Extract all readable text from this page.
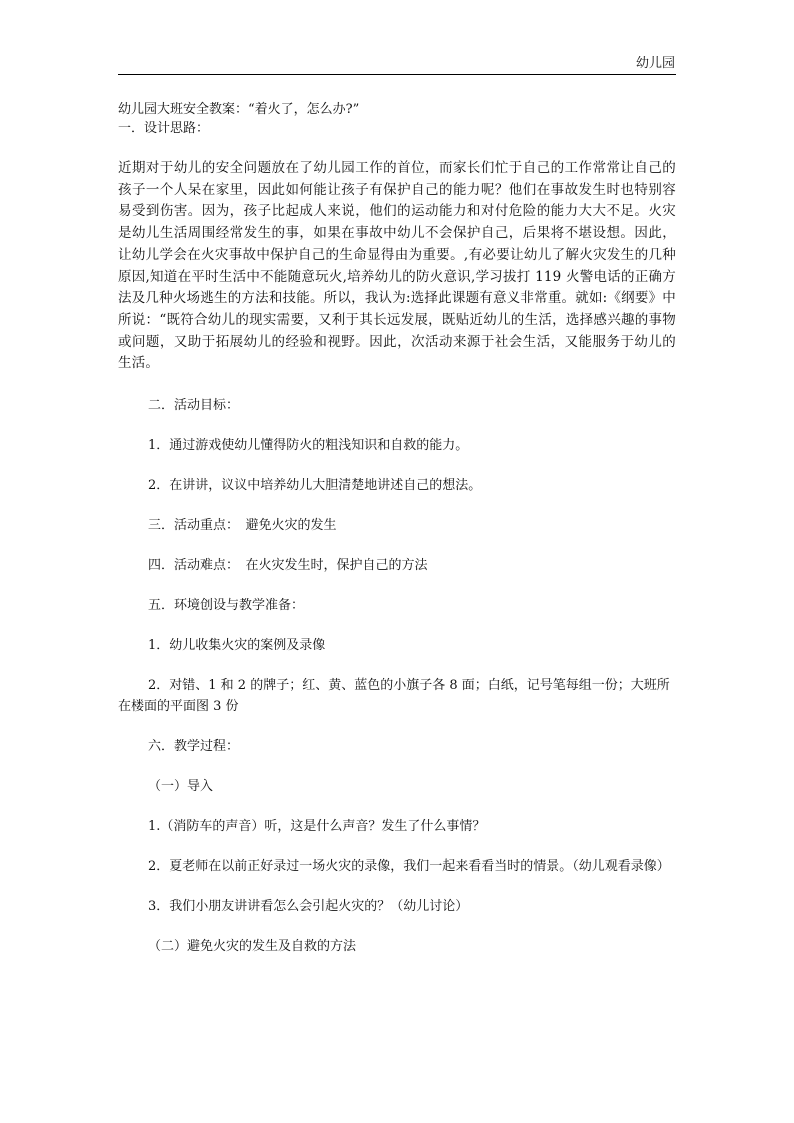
幼儿园
幼儿园大班安全教案：“着火了，怎么办?”
一．设计思路：
近期对于幼儿的安全问题放在了幼儿园工作的首位，而家长们忙于自己的工作常常让自己的孩子一个人呆在家里，因此如何能让孩子有保护自己的能力呢？他们在事故发生时也特别容易受到伤害。因为，孩子比起成人来说，他们的运动能力和对付危险的能力大大不足。火灾是幼儿生活周围经常发生的事，如果在事故中幼儿不会保护自己，后果将不堪设想。因此，让幼儿学会在火灾事故中保护自己的生命显得由为重要。,有必要让幼儿了解火灾发生的几种原因,知道在平时生活中不能随意玩火,培养幼儿的防火意识,学习拔打 119 火警电话的正确方法及几种火场逃生的方法和技能。所以，我认为:选择此课题有意义非常重。就如:《纲要》中所说：“既符合幼儿的现实需要，又利于其长远发展，既贴近幼儿的生活，选择感兴趣的事物或问题，又助于拓展幼儿的经验和视野。因此，次活动来源于社会生活，又能服务于幼儿的生活。
二．活动目标：
1．通过游戏使幼儿懂得防火的粗浅知识和自救的能力。
2．在讲讲，议议中培养幼儿大胆清楚地讲述自己的想法。
三．活动重点：　避免火灾的发生
四．活动难点：　在火灾发生时，保护自己的方法
五．环境创设与教学准备：
1．幼儿收集火灾的案例及录像
2．对错、1 和 2 的牌子；红、黄、蓝色的小旗子各 8 面；白纸，记号笔每组一份；大班所在楼面的平面图 3 份
六．教学过程：
（一）导入
1.（消防车的声音）听，这是什么声音？发生了什么事情？
2．夏老师在以前正好录过一场火灾的录像，我们一起来看看当时的情景。（幼儿观看录像）
3．我们小朋友讲讲看怎么会引起火灾的？（幼儿讨论）
（二）避免火灾的发生及自救的方法
